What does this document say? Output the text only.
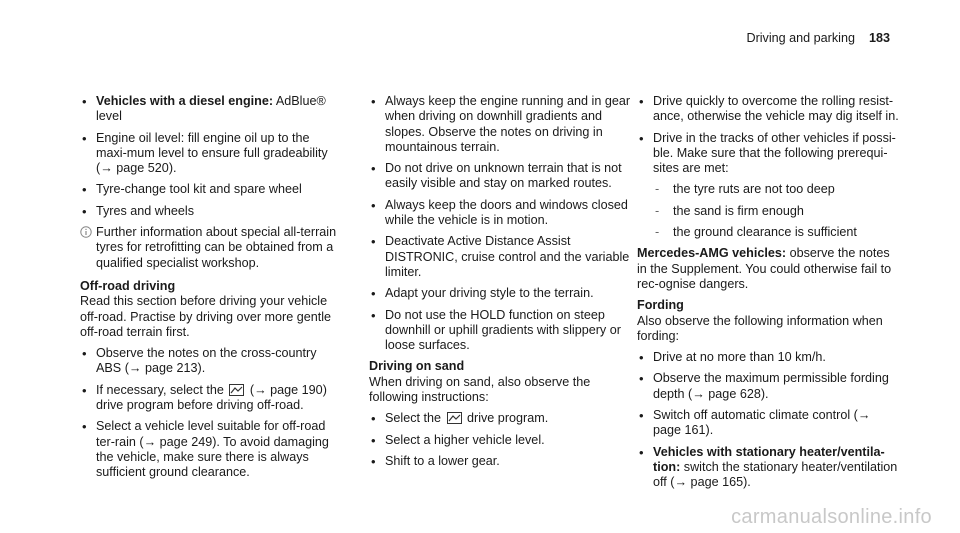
Driving and parking 183
• Vehicles with a diesel engine: AdBlue® level
• Engine oil level: fill engine oil up to the maxi-mum level to ensure full gradeability (→ page 520).
• Tyre-change tool kit and spare wheel
• Tyres and wheels
Further information about special all-terrain tyres for retrofitting can be obtained from a qualified specialist workshop.
Off-road driving
Read this section before driving your vehicle off-road. Practise by driving over more gentle off-road terrain first.
• Observe the notes on the cross-country ABS (→ page 213).
• If necessary, select the  (→ page 190) drive program before driving off-road.
• Select a vehicle level suitable for off-road ter-rain (→ page 249). To avoid damaging the vehicle, make sure there is always sufficient ground clearance.
• Always keep the engine running and in gear when driving on downhill gradients and slopes. Observe the notes on driving in mountainous terrain.
• Do not drive on unknown terrain that is not easily visible and stay on marked routes.
• Always keep the doors and windows closed while the vehicle is in motion.
• Deactivate Active Distance Assist DISTRONIC, cruise control and the variable limiter.
• Adapt your driving style to the terrain.
• Do not use the HOLD function on steep downhill or uphill gradients with slippery or loose surfaces.
Driving on sand
When driving on sand, also observe the following instructions:
• Select the  drive program.
• Select a higher vehicle level.
• Shift to a lower gear.
• Drive quickly to overcome the rolling resist-ance, otherwise the vehicle may dig itself in.
• Drive in the tracks of other vehicles if possi-ble. Make sure that the following prerequi-sites are met:
- the tyre ruts are not too deep
- the sand is firm enough
- the ground clearance is sufficient
Mercedes-AMG vehicles: observe the notes in the Supplement. You could otherwise fail to rec-ognise dangers.
Fording
Also observe the following information when fording:
• Drive at no more than 10 km/h.
• Observe the maximum permissible fording depth (→ page 628).
• Switch off automatic climate control (→ page 161).
• Vehicles with stationary heater/ventila-tion: switch the stationary heater/ventilation off (→ page 165).
carmanualsonline.info
